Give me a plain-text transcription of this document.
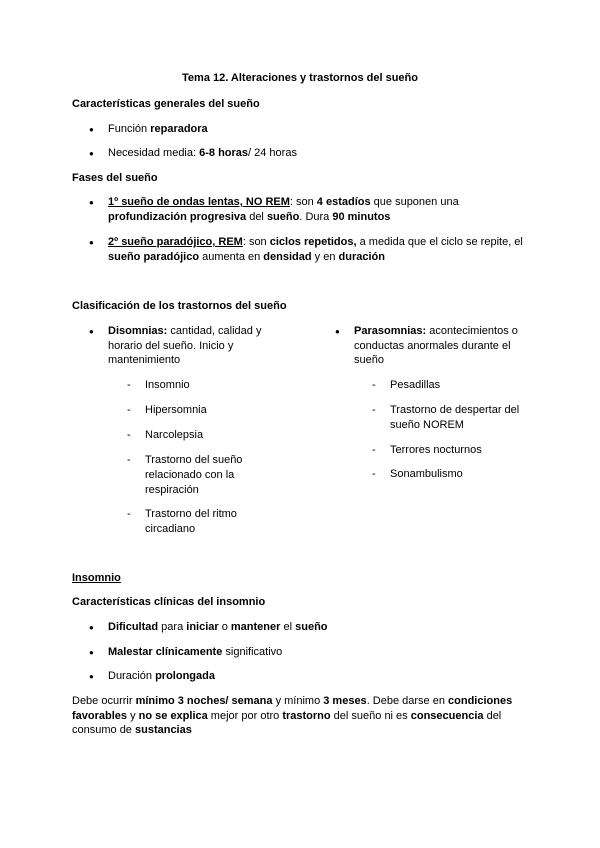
Tema 12. Alteraciones y trastornos del sueño
Características generales del sueño
● Función reparadora
● Necesidad media: 6-8 horas/ 24 horas
Fases del sueño
● 1º sueño de ondas lentas, NO REM: son 4 estadíos que suponen una
profundización progresiva del sueño. Dura 90 minutos
● 2º sueño paradójico, REM: son ciclos repetidos, a medida que el ciclo se repite, el
sueño paradójico aumenta en densidad y en duración
Clasificación de los trastornos del sueño
● Disomnias: cantidad, calidad y
horario del sueño. Inicio y
mantenimiento
- Insomnio
- Hipersomnia
- Narcolepsia
- Trastorno del sueño
relacionado con la
respiración
- Trastorno del ritmo
circadiano
● Parasomnias: acontecimientos o
conductas anormales durante el
sueño
- Pesadillas
- Trastorno de despertar del
sueño NOREM
- Terrores nocturnos
- Sonambulismo
Insomnio
Características clínicas del insomnio
● Dificultad para iniciar o mantener el sueño
● Malestar clínicamente significativo
● Duración prolongada
Debe ocurrir mínimo 3 noches/ semana y mínimo 3 meses. Debe darse en condiciones
favorables y no se explica mejor por otro trastorno del sueño ni es consecuencia del
consumo de sustancias
